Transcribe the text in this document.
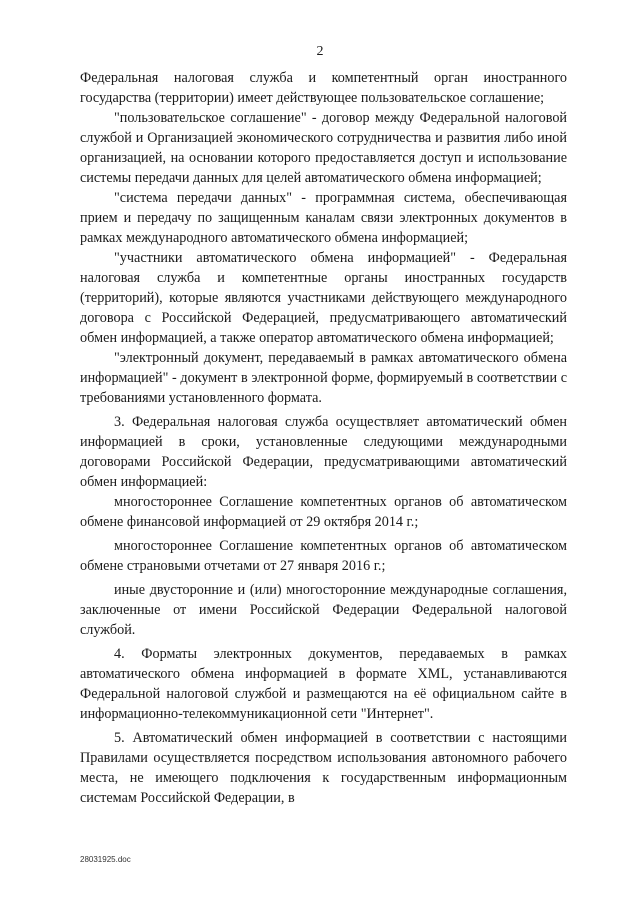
2

Федеральная налоговая служба и компетентный орган иностранного государства (территории) имеет действующее пользовательское соглашение;

"пользовательское соглашение" - договор между Федеральной налоговой службой и Организацией экономического сотрудничества и развития либо иной организацией, на основании которого предоставляется доступ и использование системы передачи данных для целей автоматического обмена информацией;

"система передачи данных" - программная система, обеспечивающая прием и передачу по защищенным каналам связи электронных документов в рамках международного автоматического обмена информацией;

"участники автоматического обмена информацией" - Федеральная налоговая служба и компетентные органы иностранных государств (территорий), которые являются участниками действующего международного договора с Российской Федерацией, предусматривающего автоматический обмен информацией, а также оператор автоматического обмена информацией;

"электронный документ, передаваемый в рамках автоматического обмена информацией" - документ в электронной форме, формируемый в соответствии с требованиями установленного формата.

3. Федеральная налоговая служба осуществляет автоматический обмен информацией в сроки, установленные следующими международными договорами Российской Федерации, предусматривающими автоматический обмен информацией:

многостороннее Соглашение компетентных органов об автоматическом обмене финансовой информацией от 29 октября 2014 г.;

многостороннее Соглашение компетентных органов об автоматическом обмене страновыми отчетами от 27 января 2016 г.;

иные двусторонние и (или) многосторонние международные соглашения, заключенные от имени Российской Федерации Федеральной налоговой службой.

4. Форматы электронных документов, передаваемых в рамках автоматического обмена информацией в формате XML, устанавливаются Федеральной налоговой службой и размещаются на её официальном сайте в информационно-телекоммуникационной сети "Интернет".

5. Автоматический обмен информацией в соответствии с настоящими Правилами осуществляется посредством использования автономного рабочего места, не имеющего подключения к государственным информационным системам Российской Федерации, в

28031925.doc
